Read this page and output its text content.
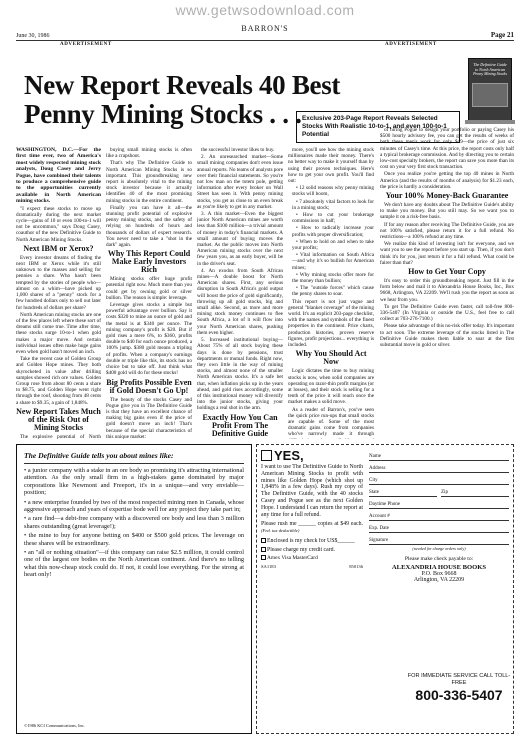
www.getwsodownload.com
June 30, 1986
BARRON'S
Page 21
ADVERTISEMENT	ADVERTISEMENT
New Report Reveals 40 Best
Penny Mining Stocks . . . Exclusive 203-Page Report Reveals Selected Stocks With Realistic 10-to-1, and even 100-to-1 Potential
The Definitive Guide to North American Penny Mining Stocks

WASHINGTON, D.C.—For the first time ever, two of America's most widely respected mining stock analysts, Doug Casey and Jerry Pogue, have combined their talents to produce a comprehensive guide to the opportunities currently available in North American mining stocks.

"I expect these stocks to move up dramatically during the next market cycle—gains of 10 or even 100-to-1 will not be uncommon," says Doug Casey, coauthor of the new Definitive Guide to North American Mining Stocks.

Next IBM or Xerox?

Every investor dreams of finding the next IBM or Xerox while it's still unknown to the masses and selling for pennies a share. Who hasn't been tempted by the stories of people who—almost on a whim—have picked up 1,000 shares of a "penny" stock for a few hundred dollars only to sell out later for hundreds of dollars per share?

North American mining stocks are one of the few places left where these sort of dreams still come true. Time after time, these stocks surge 10-to-1 when gold makes a major move. And certain individual issues often make huge gains even when gold hasn't moved an inch.

Take the recent case of Golden Group and Golden Hope mines. They both skyrocketed in value after drilling samples showed rich ore values. Golden Group rose from about 80 cents a share to $8.75, and Golden Hope went right through the roof, shooting from 48 cents a share to $9.35, a gain of 1,848%.

New Report Takes Much of the Risk Out of Mining Stocks

The explosive potential of North

buying small mining stocks is often like a crapshoot.

That's why The Definitive Guide to North American Mining Stocks is so important. This groundbreaking new report is absolutely vital to the mining stock investor because it actually identifies 40 of the most promising mining stocks in the entire continent.

Finally you can have it all—the stunning profit potential of explosive penny mining stocks, and the safety of relying on hundreds of hours and thousands of dollars of expert research. You never need to take a "shot in the dark" again.

Why This Report Could Make Early Investors Rich

Mining stocks offer huge profit potential right now. Much more than you could get by owning gold or silver bullion. The reason is simple: leverage.

Leverage gives stocks a simple but powerful advantage over bullion. Say it costs $320 to mine an ounce of gold and the metal is at $340 per ounce. The mining company's profit is $20. But if gold rises a mere 6%, to $360, profits double to $40 for each ounce produced, a 100% jump. $380 gold means a tripling of profits. When a company's earnings double or triple like this, its stock has no choice but to take off. Just think what $400 gold will do for these stocks!

Big Profits Possible Even if Gold Doesn't Go Up!

The beauty of the stocks Casey and Pogue give you in The Definitive Guide is that they have an excellent chance of making big gains even if the price of gold doesn't move an inch! That's because of the special characteristics of this unique market:

the successful investor likes to buy.

2. An unresearched market—Some small mining companies don't even issue annual reports. No teams of analysts pore over their financial statements. So you're not low man on the totem pole, getting information after every broker on Wall Street has seen it. With penny mining stocks, you get as close to an even break as you're likely to get in any market.

3. A thin market—Even the biggest junior North American mines are worth less than $100 million—a trivial amount of money in today's financial markets. A small amount of buying moves the market. As the public moves into North American mining stocks over the next few years you, as an early buyer, will be in the driver's seat.

4. An exodus from South African mines—A double boost for North American shares. First, any serious disruption in South Africa's gold output will boost the price of gold significantly, throwing up all gold stocks, big and small alike. Second, as more and more mining stock money continues to flee South Africa, a lot of it will flow into your North American shares, pushing them even higher.

5. Increased institutional buying—About 75% of all stock buying these days is done by pensions, trust departments or mutual funds. Right now, they own little in the way of mining stocks, and almost none of the smaller North American stocks. It's a safe bet that, when inflation picks up in the years ahead, and gold rises accordingly, some of this institutional money will diversify into the junior stocks, giving your holdings a real shot in the arm.

Exactly How You Can Profit From The Definitive Guide

more, you'll see how the mining stock millionaires made their money. There's no better way to make it yourself than by using their proven techniques. Here's how to get your own profit. You'll find out:

• 12 solid reasons why penny mining stocks will boom,

• 7 absolutely vital factors to look for in a mining stock;

• How to cut your brokerage commissions in half;

• How to radically increase your profits with proper diversification;

• When to hold on and when to take your profits;

• Vital information on South Africa—and why it's so bullish for American mines;

• Why mining stocks offer more for the money than bullion;

• The "outside forces" which cause the penny shares to soar.

This report is not just vague and general "blanket coverage" of the mining world. It's an explicit 203-page checklist, with the names and symbols of the finest properties in the continent. Price charts, production histories, proven reserve figures, profit projections... everything is included.

Why You Should Act Now

Logic dictates the time to buy mining stocks is now, when solid companies are operating on razor-thin profit margins (or at losses), and their stock is selling for a tenth of the price it will reach once the market makes a solid move.

As a reader of Barron's, you've seen the quick price run-ups that small stocks are capable of. Some of the most dramatic gains come from companies who've narrowly made it through

of hiring Pogue to design your portfolio or paying Casey his $500 hourly advisory fee, you can get the results of weeks of both these men's work for only $49—the price of just six minutes of Casey's time. At this price, the report costs only half a typical brokerage commission. And by directing you to certain low-cost specialty brokers, the report can save you more than its cost on your very first stock transaction.

Once you realize you're getting the top 40 mines in North America (and the results of months of analysis) for $1.23 each, the price is hardly a consideration.

Your 100% Money-Back Guarantee

We don't have any doubts about The Definitive Guide's ability to make you money. But you still may. So we want you to sample it on a risk-free basis.

If for any reason after receiving The Definitive Guide, you are not 100% satisfied, please return it for a full refund. No restrictions—a 100% refund at any time.

We realize this kind of investing isn't for everyone, and we want you to see the report before you start up. Then, if you don't think it's for you, just return it for a full refund. What could be fairer than that?

How to Get Your Copy

It's easy to order this groundbreaking report. Just fill in the form below and mail it to Alexandria House Books, Inc., Box 9668, Arlington, VA 22209. We'll rush you the report as soon as we hear from you.

To get The Definitive Guide even faster, call toll-free 800-336-5407 (In Virginia or outside the U.S., feel free to call collect at 703-276-7100.)

Please take advantage of this no-risk offer today. It's important to act soon. The extreme leverage of the stocks listed in The Definitive Guide makes them liable to soar at the first substantial move in gold or silver.

The Definitive Guide tells you about mines like:

• a junior company with a stake in an ore body so promising it's attracting international attention. As the only small firm in a high-stakes game dominated by major corporations like Newmont and Freeport, it's in a unique—and very enviable—position;

• a new enterprise founded by two of the most respected mining men in Canada, whose aggressive approach and years of expertise bode well for any project they take part in;

• a rare find—a debt-free company with a discovered ore body and less than 3 million shares outstanding (great leverage!);

• the mine to buy for anyone betting on $400 or $500 gold prices. The leverage on these shares will be extraordinary.

• an "all or nothing situation"—if this company can raise $2.5 million, it could control one of the largest ore bodies on the North American continent. And there's no telling what this now-cheap stock could do. If not, it could lose everything. For the strong at heart only!

©1986 KCI Communications, Inc.
YES,
I want to use The Definitive Guide to North American Mining Stocks to profit with mines like Golden Hope (which shot up 1,848% in a few days). Rush my copy of The Definitive Guide, with the 40 stocks Casey and Pogue see as the next Golden Hope. I understand I can return the report at any time for a full refund.
Please rush me ______ copies at $49 each. (Fed. tax deductible)
Enclosed is my check for US$______
Please charge my credit card.
Amex Visa MasterCard
SA1183	850136
Name
Address
City
State	Zip
Daytime Phone
Account #
Exp. Date
Signature
(needed for charge orders only)
Please make check payable to:
ALEXANDRIA HOUSE BOOKS
P.O. Box 9668
Arlington, VA 22209
FOR IMMEDIATE SERVICE CALL TOLL-FREE
800-336-5407
